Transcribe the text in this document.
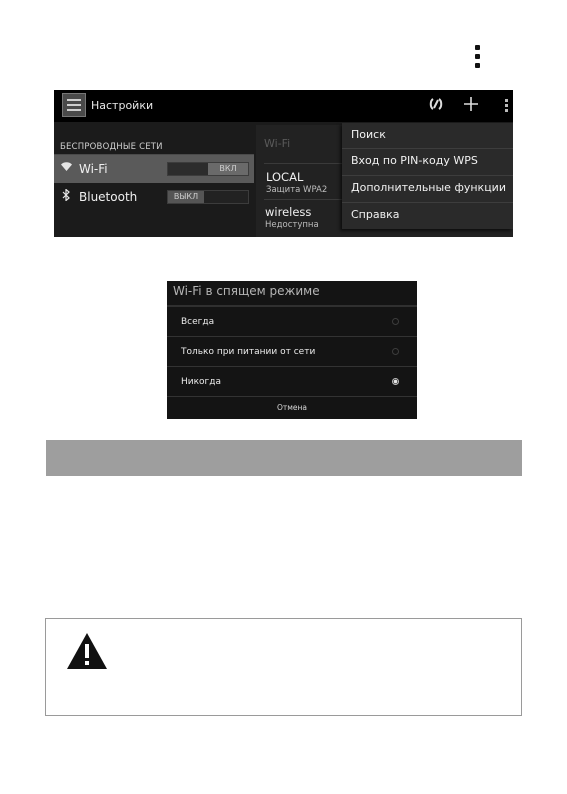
Настройки
БЕСПРОВОДНЫЕ СЕТИ
Wi-Fi	ВКЛ
Bluetooth	ВЫКЛ
Wi-Fi
LOCAL
Защита WPA2
wireless
Недоступна
Поиск
Вход по PIN-коду WPS
Дополнительные функции
Справка
Wi-Fi в спящем режиме
Всегда
Только при питании от сети
Никогда
Отмена
